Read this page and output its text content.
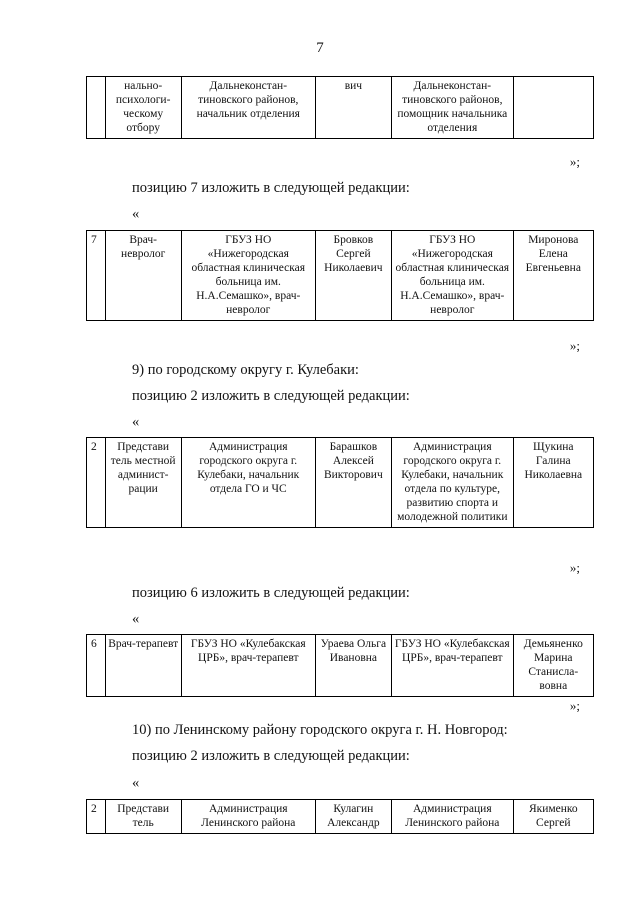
7
	нально-психологи-ческому отбору	Дальнеконстан-тиновского районов, начальник отделения	вич	Дальнеконстан-тиновского районов, помощник начальника отделения	
»;
позицию 7 изложить в следующей редакции:
«
7	Врач-невролог	ГБУЗ НО «Нижегородская областная клиническая больница им. Н.А.Семашко», врач-невролог	Бровков Сергей Николаевич	ГБУЗ НО «Нижегородская областная клиническая больница им. Н.А.Семашко», врач-невролог	Миронова Елена Евгеньевна
»;
9) по городскому округу г. Кулебаки:
позицию 2 изложить в следующей редакции:
«
2	Представи тель местной админист-рации	Администрация городского округа г. Кулебаки, начальник отдела ГО и ЧС	Барашков Алексей Викторович	Администрация городского округа г. Кулебаки, начальник отдела по культуре, развитию спорта и молодежной политики	Щукина Галина Николаевна
»;
позицию 6 изложить в следующей редакции:
«
6	Врач-терапевт	ГБУЗ НО «Кулебакская ЦРБ», врач-терапевт	Ураева Ольга Ивановна	ГБУЗ НО «Кулебакская ЦРБ», врач-терапевт	Демьяненко Марина Станисла-вовна
»;
10) по Ленинскому району городского округа г. Н. Новгород:
позицию 2 изложить в следующей редакции:
«
2	Представи тель	Администрация Ленинского района	Кулагин Александр	Администрация Ленинского района	Якименко Сергей
